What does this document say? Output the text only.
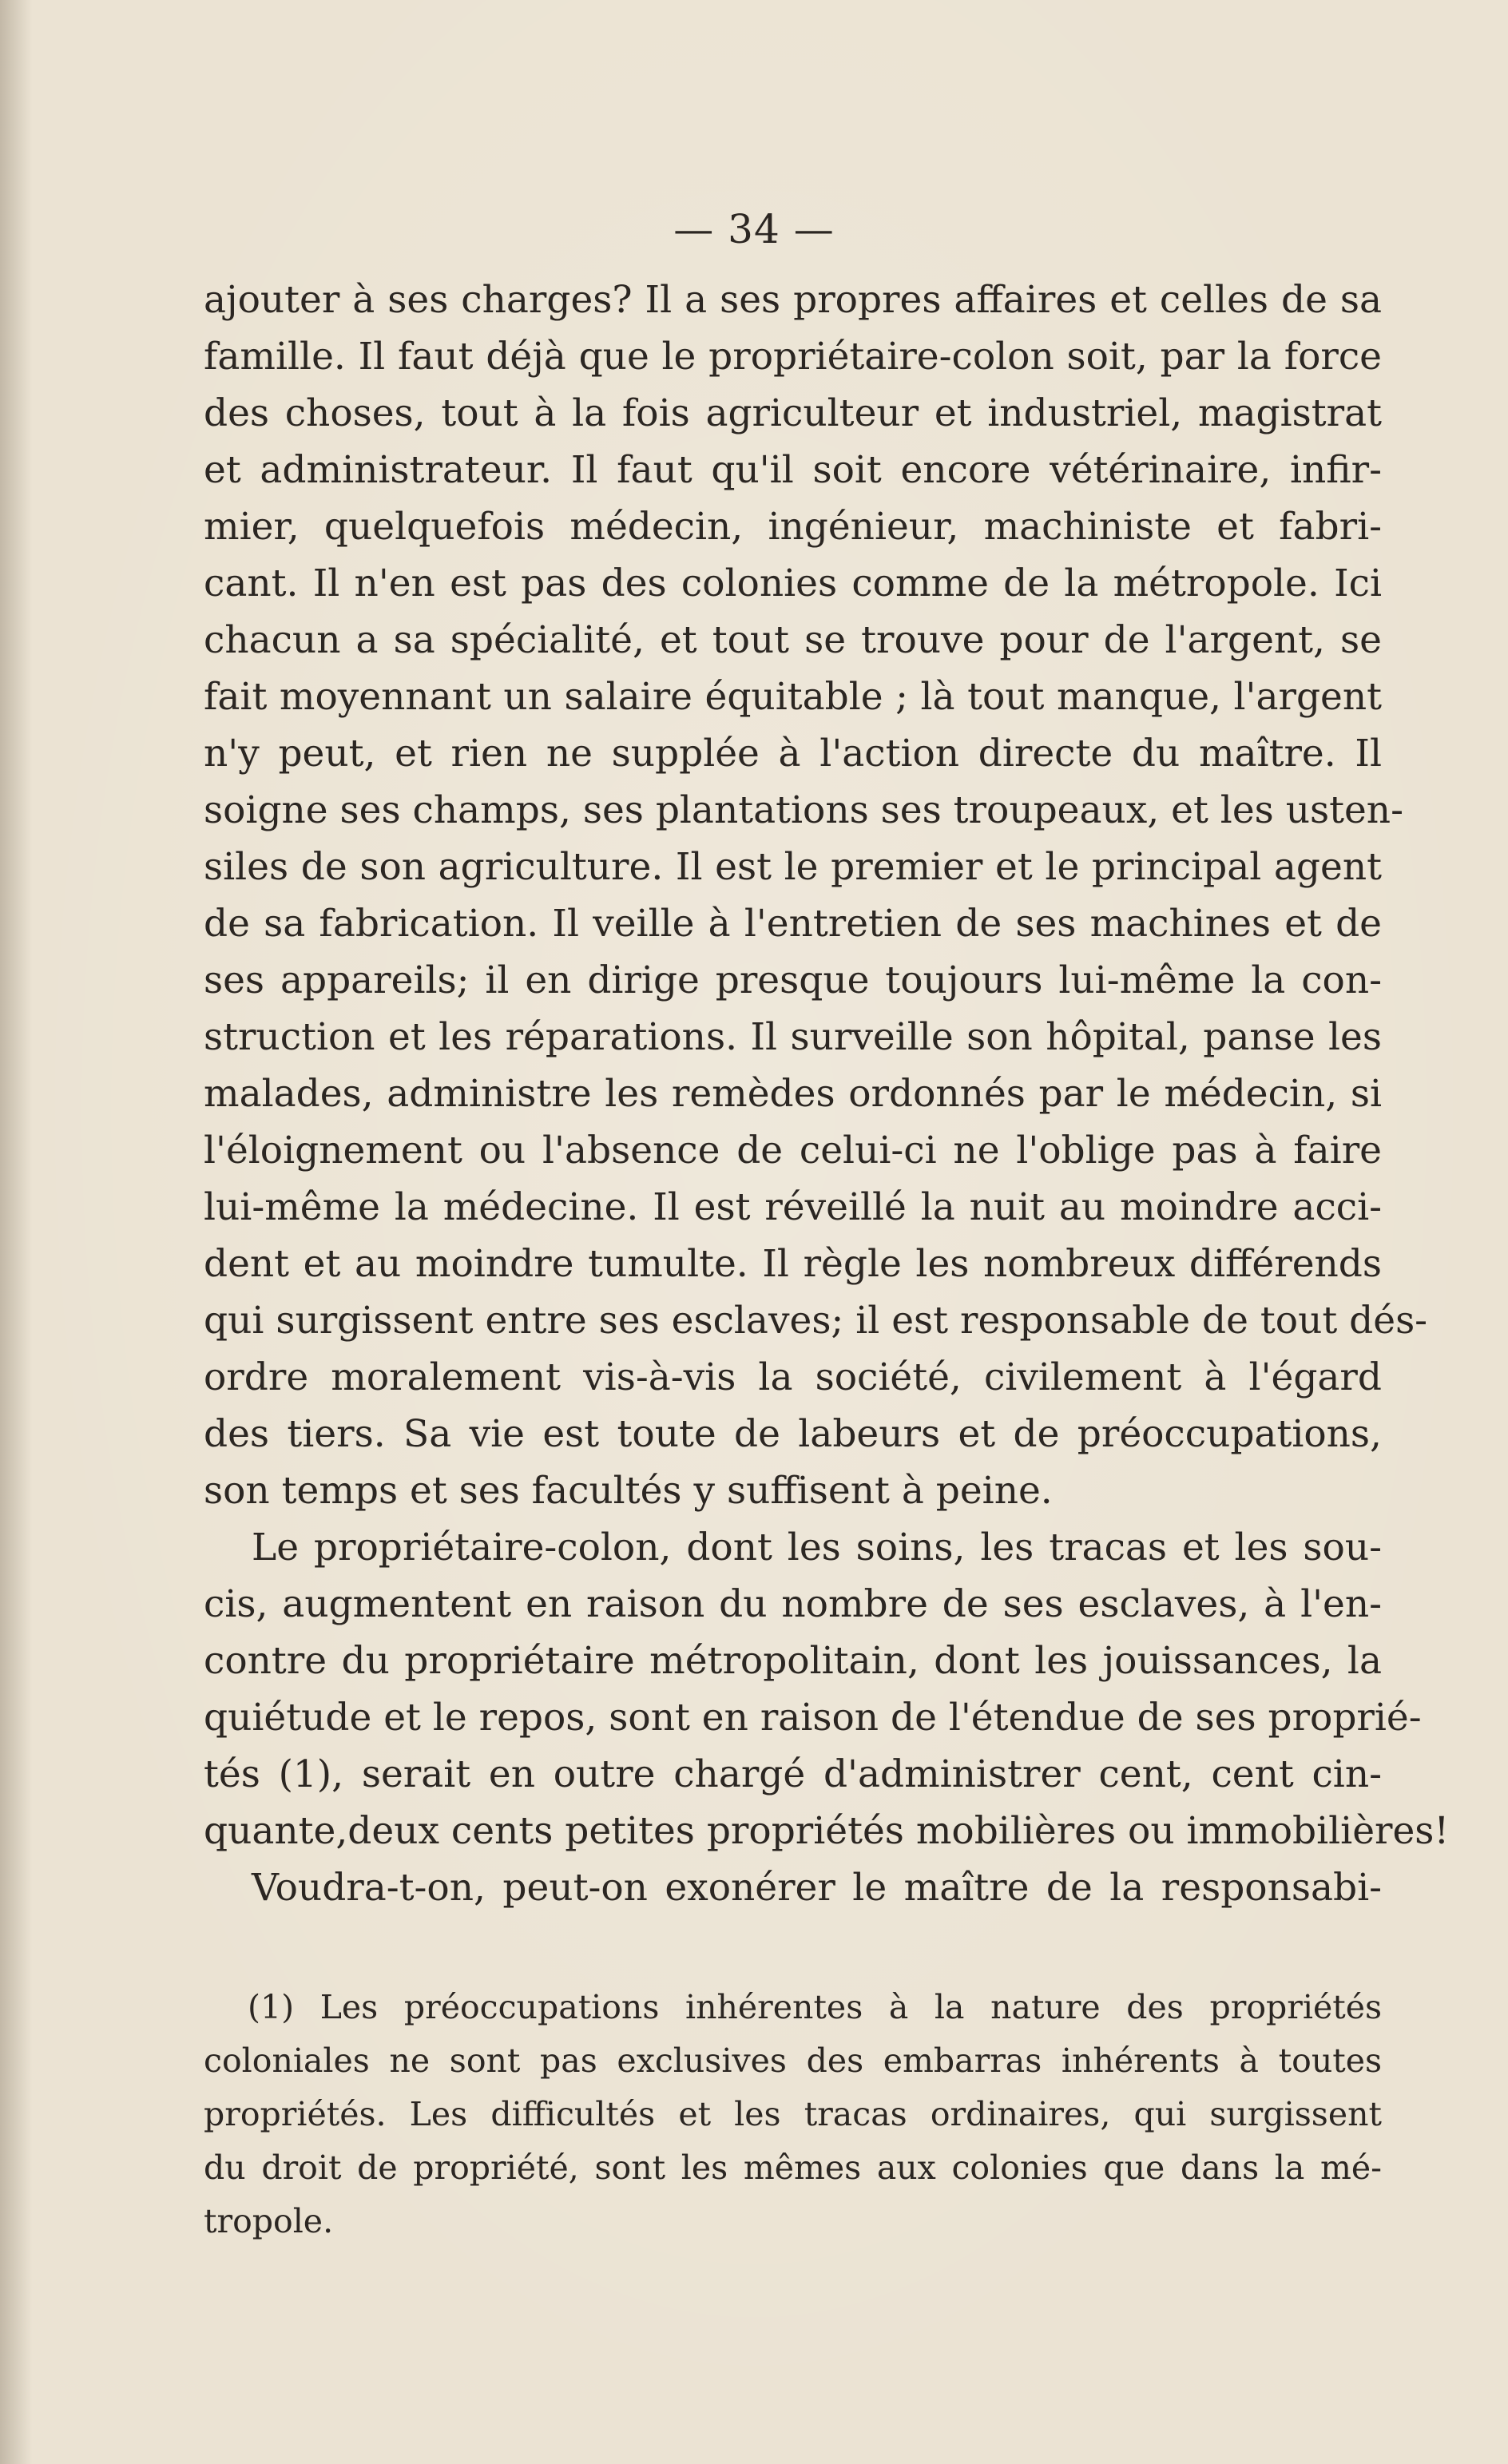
— 34 —
ajouter à ses charges? Il a ses propres affaires et celles de sa
famille. Il faut déjà que le propriétaire-colon soit, par la force
des choses, tout à la fois agriculteur et industriel, magistrat
et administrateur. Il faut qu'il soit encore vétérinaire, infir-
mier, quelquefois médecin, ingénieur, machiniste et fabri-
cant. Il n'en est pas des colonies comme de la métropole. Ici
chacun a sa spécialité, et tout se trouve pour de l'argent, se
fait moyennant un salaire équitable ; là tout manque, l'argent
n'y peut, et rien ne supplée à l'action directe du maître. Il
soigne ses champs, ses plantations ses troupeaux, et les usten-
siles de son agriculture. Il est le premier et le principal agent
de sa fabrication. Il veille à l'entretien de ses machines et de
ses appareils; il en dirige presque toujours lui-même la con-
struction et les réparations. Il surveille son hôpital, panse les
malades, administre les remèdes ordonnés par le médecin, si
l'éloignement ou l'absence de celui-ci ne l'oblige pas à faire
lui-même la médecine. Il est réveillé la nuit au moindre acci-
dent et au moindre tumulte. Il règle les nombreux différends
qui surgissent entre ses esclaves; il est responsable de tout dés-
ordre moralement vis-à-vis la société, civilement à l'égard
des tiers. Sa vie est toute de labeurs et de préoccupations,
son temps et ses facultés y suffisent à peine.
Le propriétaire-colon, dont les soins, les tracas et les sou-
cis, augmentent en raison du nombre de ses esclaves, à l'en-
contre du propriétaire métropolitain, dont les jouissances, la
quiétude et le repos, sont en raison de l'étendue de ses proprié-
tés (1), serait en outre chargé d'administrer cent, cent cin-
quante,deux cents petites propriétés mobilières ou immobilières!
Voudra-t-on, peut-on exonérer le maître de la responsabi-
(1) Les préoccupations inhérentes à la nature des propriétés
coloniales ne sont pas exclusives des embarras inhérents à toutes
propriétés. Les difficultés et les tracas ordinaires, qui surgissent
du droit de propriété, sont les mêmes aux colonies que dans la mé-
tropole.
